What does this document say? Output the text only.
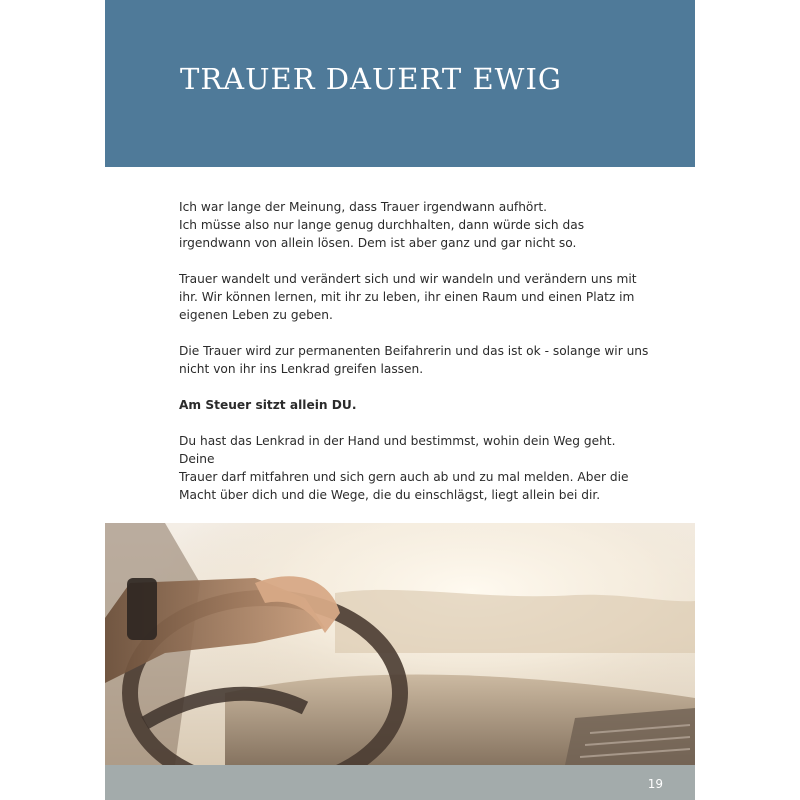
TRAUER DAUERT EWIG

Ich war lange der Meinung, dass Trauer irgendwann aufhört.
Ich müsse also nur lange genug durchhalten, dann würde sich das
irgendwann von allein lösen. Dem ist aber ganz und gar nicht so.

Trauer wandelt und verändert sich und wir wandeln und verändern uns mit
ihr. Wir können lernen, mit ihr zu leben, ihr einen Raum und einen Platz im
eigenen Leben zu geben.

Die Trauer wird zur permanenten Beifahrerin und das ist ok - solange wir uns
nicht von ihr ins Lenkrad greifen lassen.

Am Steuer sitzt allein DU.

Du hast das Lenkrad in der Hand und bestimmst, wohin dein Weg geht. Deine
Trauer darf mitfahren und sich gern auch ab und zu mal melden. Aber die
Macht über dich und die Wege, die du einschlägst, liegt allein bei dir.

19
